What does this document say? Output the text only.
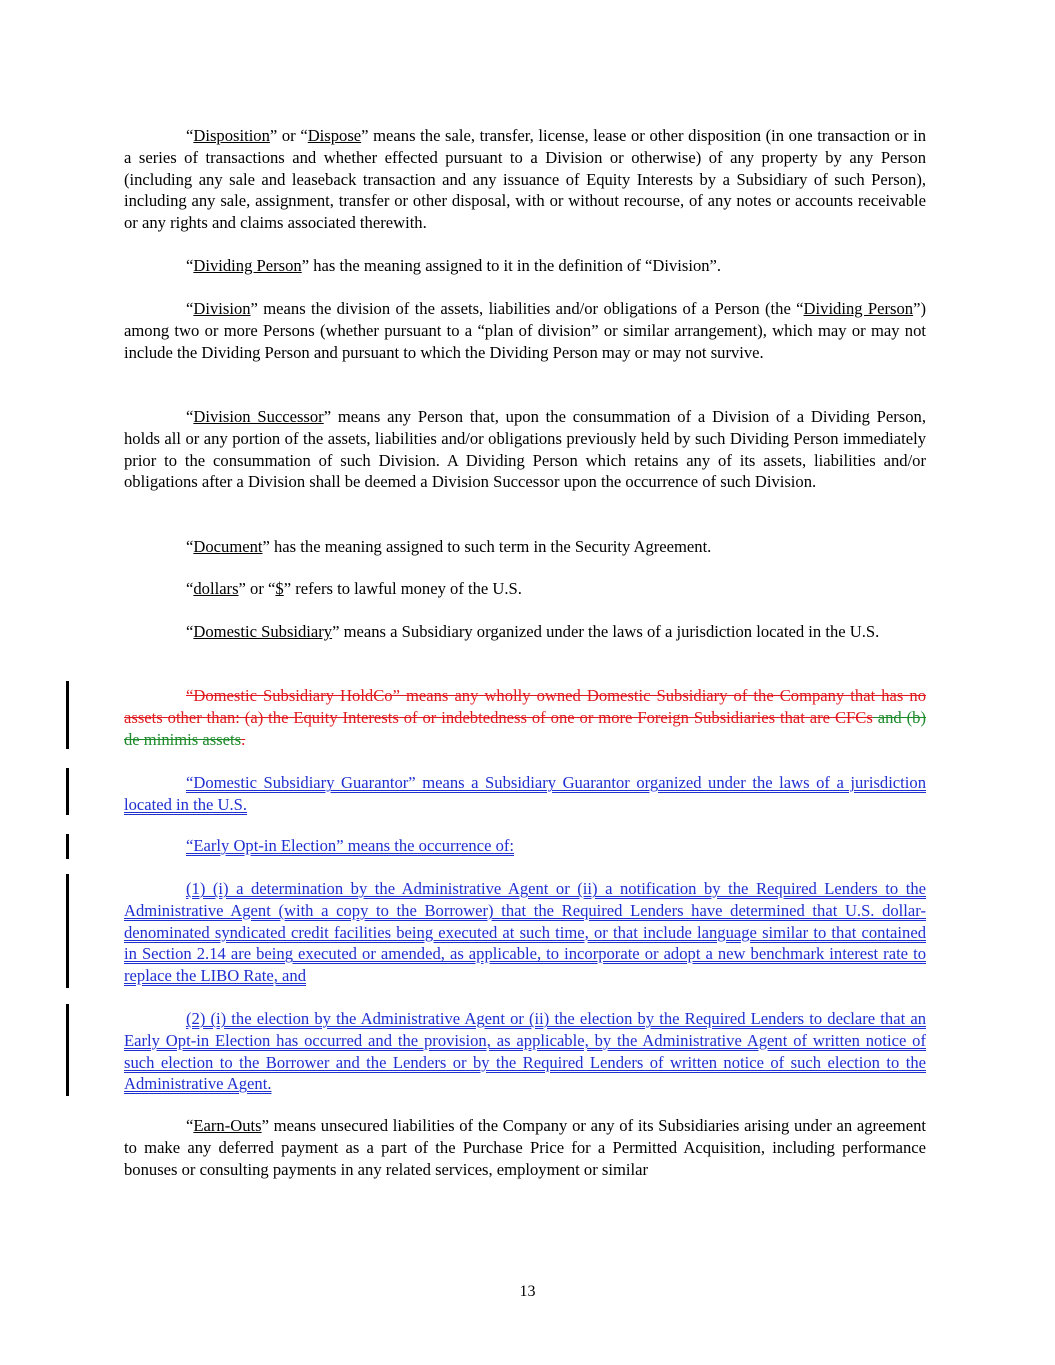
“Disposition” or “Dispose” means the sale, transfer, license, lease or other disposition (in one transaction or in a series of transactions and whether effected pursuant to a Division or otherwise) of any property by any Person (including any sale and leaseback transaction and any issuance of Equity Interests by a Subsidiary of such Person), including any sale, assignment, transfer or other disposal, with or without recourse, of any notes or accounts receivable or any rights and claims associated therewith.

“Dividing Person” has the meaning assigned to it in the definition of “Division”.

“Division” means the division of the assets, liabilities and/or obligations of a Person (the “Dividing Person”) among two or more Persons (whether pursuant to a “plan of division” or similar arrangement), which may or may not include the Dividing Person and pursuant to which the Dividing Person may or may not survive.

“Division Successor” means any Person that, upon the consummation of a Division of a Dividing Person, holds all or any portion of the assets, liabilities and/or obligations previously held by such Dividing Person immediately prior to the consummation of such Division. A Dividing Person which retains any of its assets, liabilities and/or obligations after a Division shall be deemed a Division Successor upon the occurrence of such Division.

“Document” has the meaning assigned to such term in the Security Agreement.

“dollars” or “$” refers to lawful money of the U.S.

“Domestic Subsidiary” means a Subsidiary organized under the laws of a jurisdiction located in the U.S.

“Domestic Subsidiary HoldCo” means any wholly owned Domestic Subsidiary of the Company that has no assets other than: (a) the Equity Interests of or indebtedness of one or more Foreign Subsidiaries that are CFCs and (b) de minimis assets.

“Domestic Subsidiary Guarantor” means a Subsidiary Guarantor organized under the laws of a jurisdiction located in the U.S.

“Early Opt-in Election” means the occurrence of:

(1) (i) a determination by the Administrative Agent or (ii) a notification by the Required Lenders to the Administrative Agent (with a copy to the Borrower) that the Required Lenders have determined that U.S. dollar-denominated syndicated credit facilities being executed at such time, or that include language similar to that contained in Section 2.14 are being executed or amended, as applicable, to incorporate or adopt a new benchmark interest rate to replace the LIBO Rate, and

(2) (i) the election by the Administrative Agent or (ii) the election by the Required Lenders to declare that an Early Opt-in Election has occurred and the provision, as applicable, by the Administrative Agent of written notice of such election to the Borrower and the Lenders or by the Required Lenders of written notice of such election to the Administrative Agent.

“Earn-Outs” means unsecured liabilities of the Company or any of its Subsidiaries arising under an agreement to make any deferred payment as a part of the Purchase Price for a Permitted Acquisition, including performance bonuses or consulting payments in any related services, employment or similar

13
